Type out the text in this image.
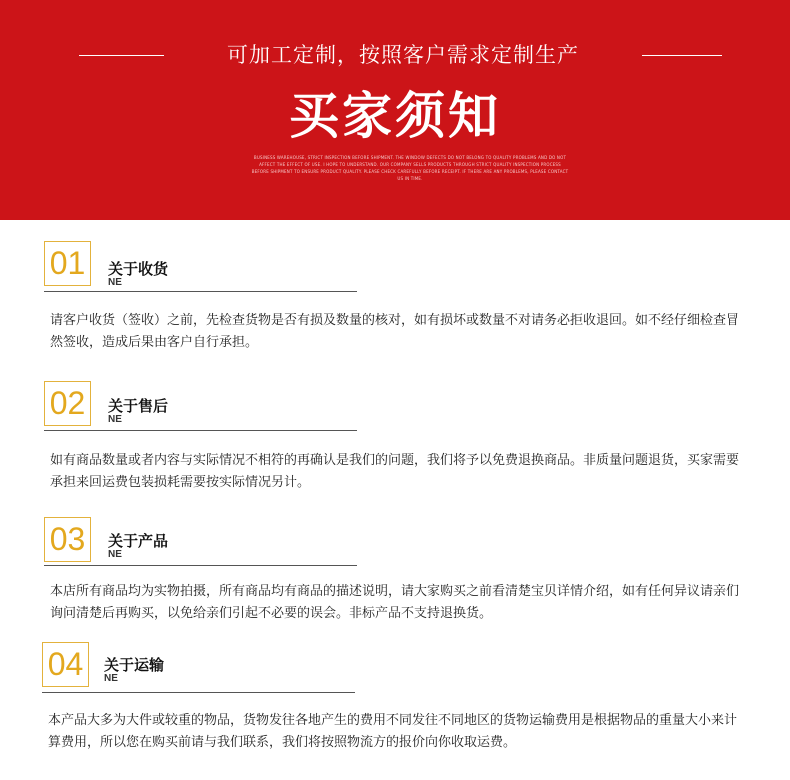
可加工定制，按照客户需求定制生产
买家须知
BUSINESS WAREHOUSE, STRICT INSPECTION BEFORE SHIPMENT. THE WINDOW DEFECTS DO NOT BELONG TO QUALITY PROBLEMS AND DO NOT AFFECT THE EFFECT OF USE. I HOPE TO UNDERSTAND. OUR COMPANY SELLS PRODUCTS THROUGH STRICT QUALITY INSPECTION PROCESS BEFORE SHIPMENT TO ENSURE PRODUCT QUALITY. PLEASE CHECK CAREFULLY BEFORE RECEIPT. IF THERE ARE ANY PROBLEMS, PLEASE CONTACT US IN TIME.
01	关于收货
NE
请客户收货（签收）之前，先检查货物是否有损及数量的核对，如有损坏或数量不对请务必拒收退回。如不经仔细检查冒然签收，造成后果由客户自行承担。
02	关于售后
NE
如有商品数量或者内容与实际情况不相符的再确认是我们的问题，我们将予以免费退换商品。非质量问题退货，买家需要承担来回运费包装损耗需要按实际情况另计。
03	关于产品
NE
本店所有商品均为实物拍摄，所有商品均有商品的描述说明，请大家购买之前看清楚宝贝详情介绍，如有任何异议请亲们询问清楚后再购买，以免给亲们引起不必要的误会。非标产品不支持退换货。
04	关于运输
NE
本产品大多为大件或较重的物品，货物发往各地产生的费用不同发往不同地区的货物运输费用是根据物品的重量大小来计算费用，所以您在购买前请与我们联系，我们将按照物流方的报价向你收取运费。
